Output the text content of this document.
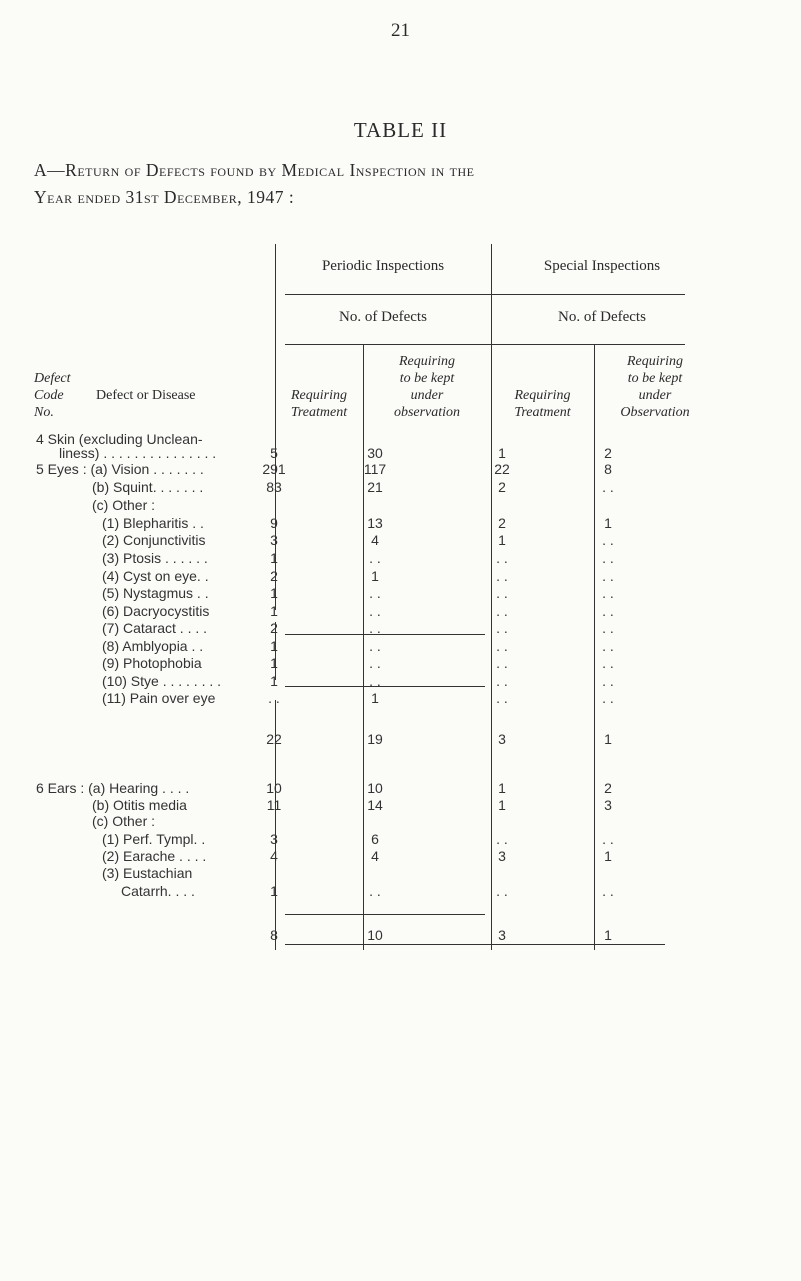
21
TABLE II
A—Return of Defects found by Medical Inspection in the
Year ended 31st December, 1947 :
Periodic Inspections	Special Inspections
No. of Defects	No. of Defects
Defect
Code
No.
Defect or Disease	Requiring
Treatment
Requiring
to be kept
under
observation
Requiring
Treatment
Requiring
to be kept
under
Observation
4 Skin (excluding Unclean-
liness) . . . . . . . . . . . . . . .	5	30	1	2
5 Eyes : (a) Vision . . . . . . .	291	117	22	8
(b) Squint. . . . . . .	83	21	2	. .
(c) Other :
(1) Blepharitis . .	9	13	2	1
(2) Conjunctivitis	3	4	1	. .
(3) Ptosis . . . . . .	1	. .	. .	. .
(4) Cyst on eye. .	2	1	. .	. .
(5) Nystagmus . .	1	. .	. .	. .
(6) Dacryocystitis	1	. .	. .	. .
(7) Cataract . . . .	2	. .	. .	. .
(8) Amblyopia . .	1	. .	. .	. .
(9) Photophobia	1	. .	. .	. .
(10) Stye . . . . . . . .	1	. .	. .	. .
(11) Pain over eye	. .	1	. .	. .
22	19	3	1
6 Ears : (a) Hearing . . . .	10	10	1	2
(b) Otitis media	11	14	1	3
(c) Other :
(1) Perf. Tympl. .	3	6	. .	. .
(2) Earache . . . .	4	4	3	1
(3) Eustachian
Catarrh. . . .	1	. .	. .	. .
8	10	3	1
